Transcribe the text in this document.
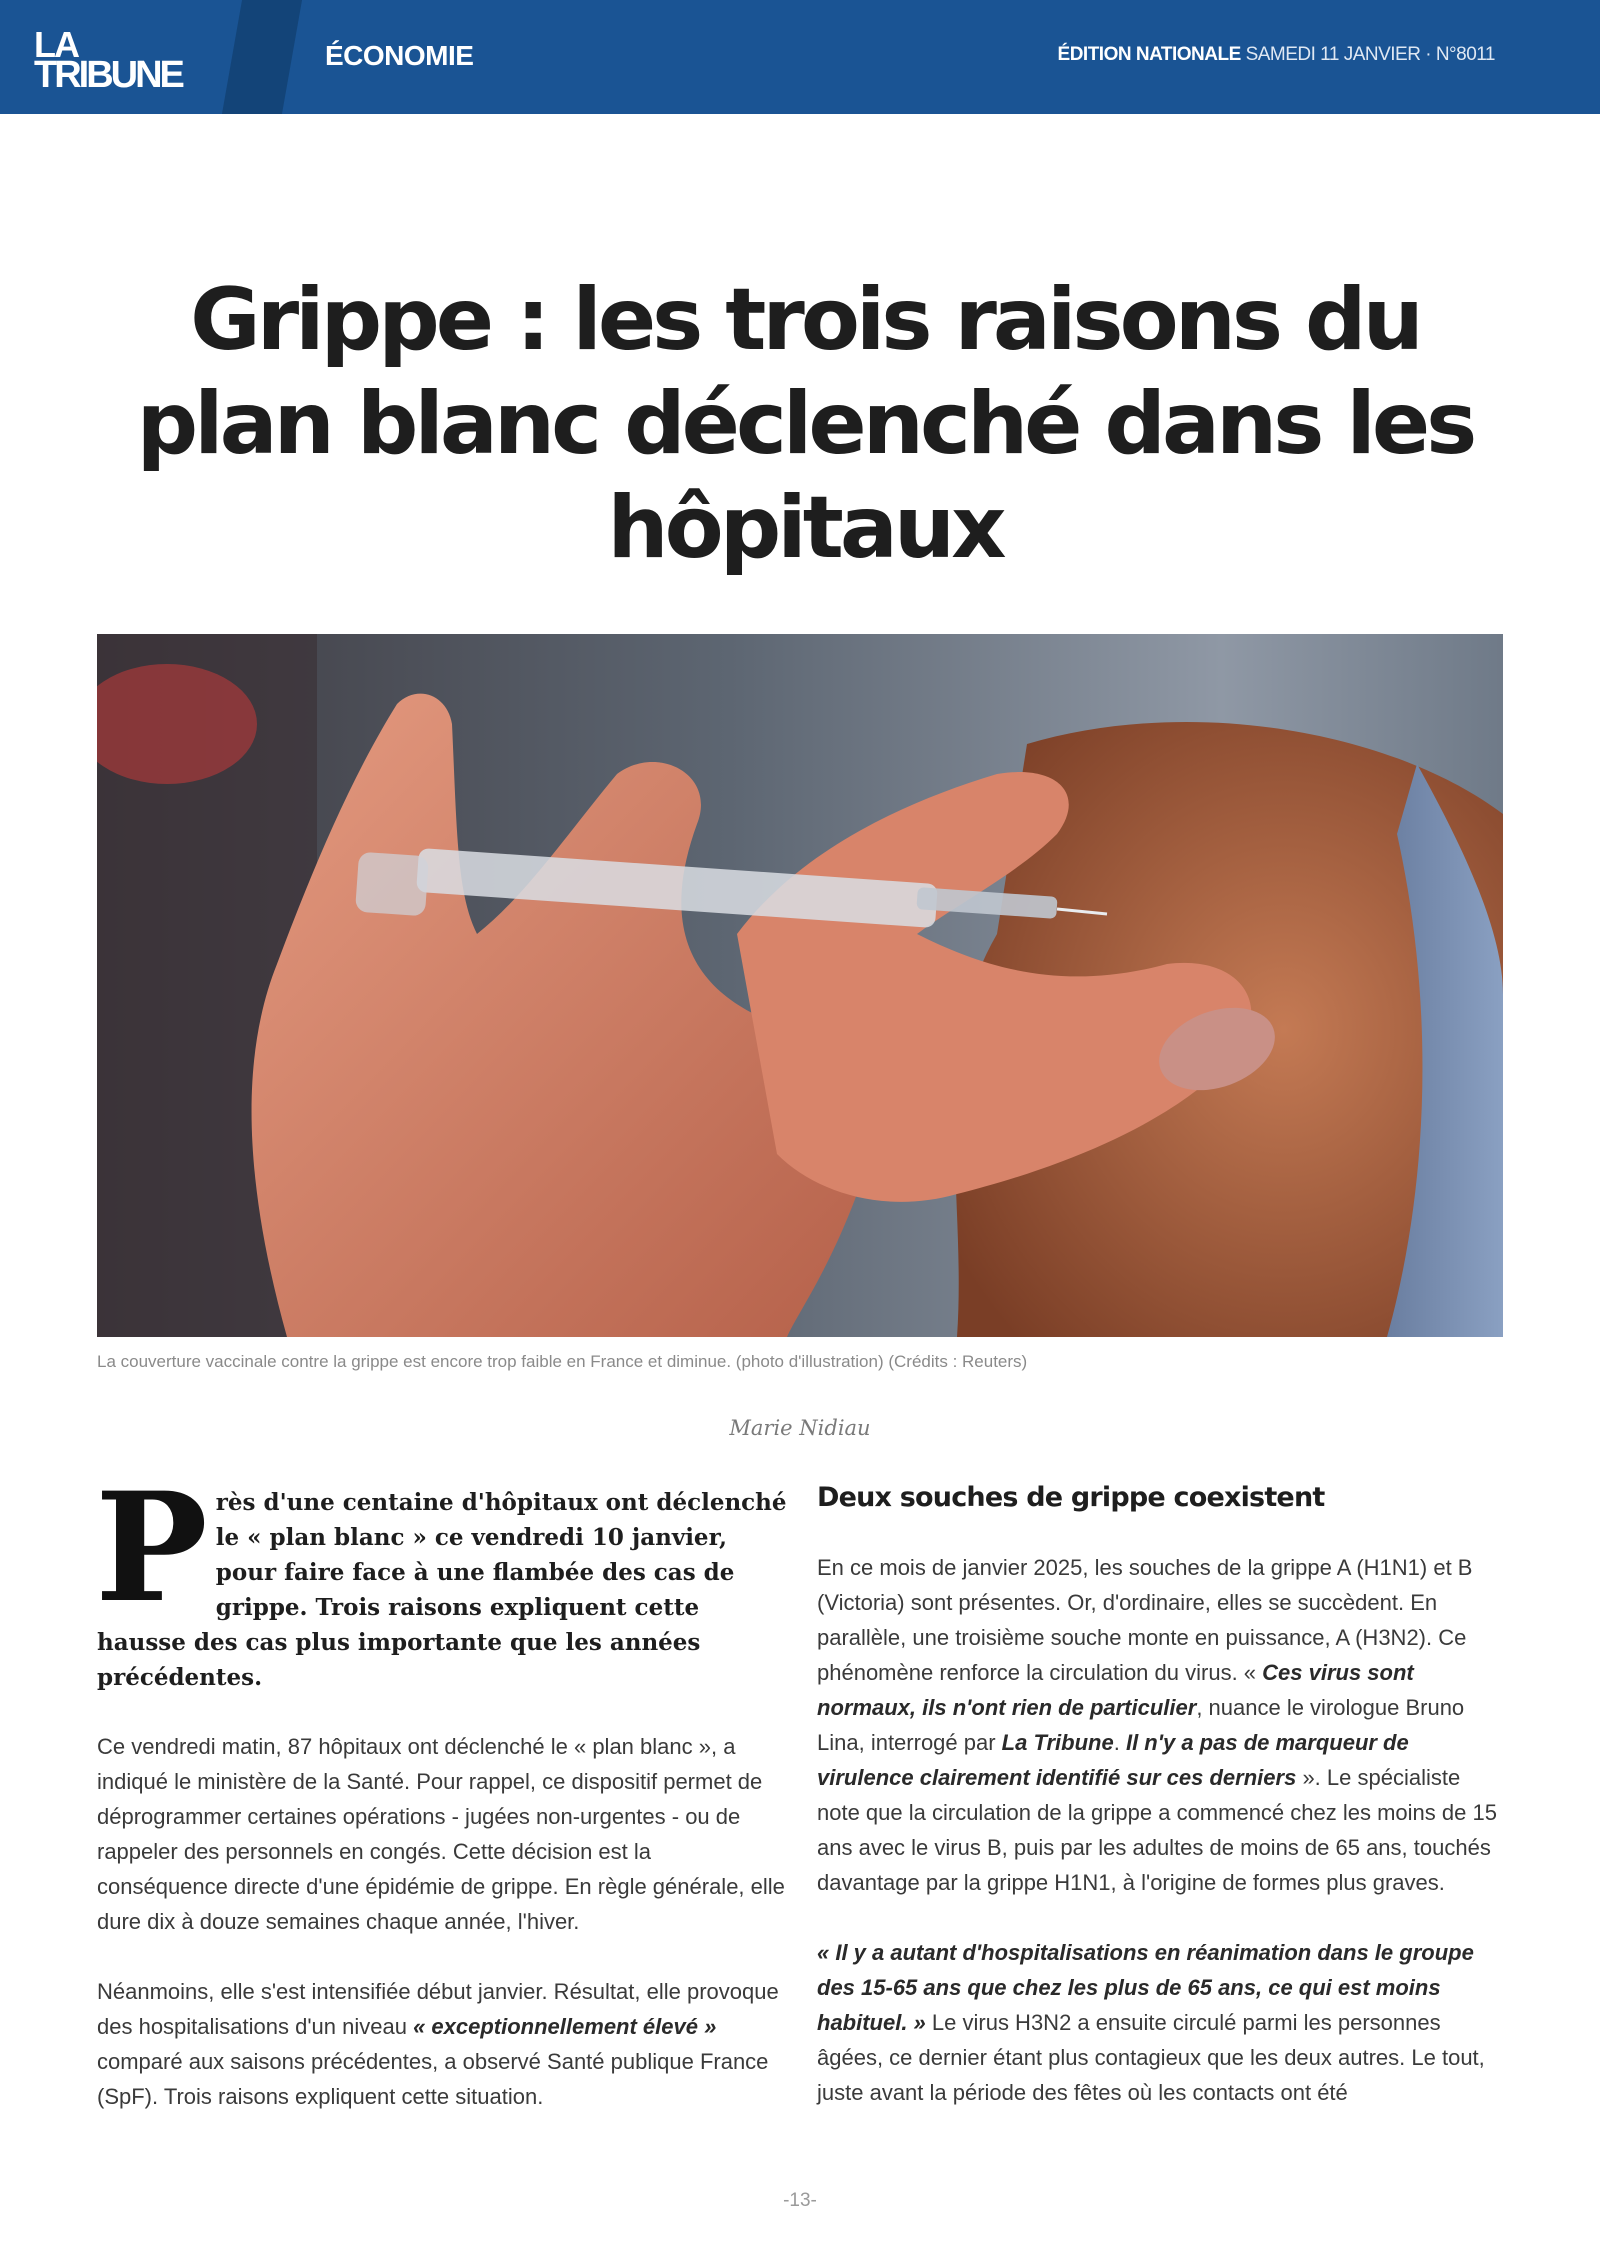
LA
TRIBUNE	ÉCONOMIE	ÉDITION NATIONALE SAMEDI 11 JANVIER · N°8011
Grippe : les trois raisons du plan blanc déclenché dans les hôpitaux
La couverture vaccinale contre la grippe est encore trop faible en France et diminue. (photo d'illustration) (Crédits : Reuters)
Marie Nidiau

Près d'une centaine d'hôpitaux ont déclenché le « plan blanc » ce vendredi 10 janvier, pour faire face à une flambée des cas de grippe. Trois raisons expliquent cette hausse des cas plus importante que les années précédentes.

Ce vendredi matin, 87 hôpitaux ont déclenché le « plan blanc », a indiqué le ministère de la Santé. Pour rappel, ce dispositif permet de déprogrammer certaines opérations - jugées non-urgentes - ou de rappeler des personnels en congés. Cette décision est la conséquence directe d'une épidémie de grippe. En règle générale, elle dure dix à douze semaines chaque année, l'hiver.

Néanmoins, elle s'est intensifiée début janvier. Résultat, elle provoque des hospitalisations d'un niveau « exceptionnellement élevé » comparé aux saisons précédentes, a observé Santé publique France (SpF). Trois raisons expliquent cette situation.

Deux souches de grippe coexistent

En ce mois de janvier 2025, les souches de la grippe A (H1N1) et B (Victoria) sont présentes. Or, d'ordinaire, elles se succèdent. En parallèle, une troisième souche monte en puissance, A (H3N2). Ce phénomène renforce la circulation du virus. « Ces virus sont normaux, ils n'ont rien de particulier, nuance le virologue Bruno Lina, interrogé par La Tribune. Il n'y a pas de marqueur de virulence clairement identifié sur ces derniers ». Le spécialiste note que la circulation de la grippe a commencé chez les moins de 15 ans avec le virus B, puis par les adultes de moins de 65 ans, touchés davantage par la grippe H1N1, à l'origine de formes plus graves.

« Il y a autant d'hospitalisations en réanimation dans le groupe des 15-65 ans que chez les plus de 65 ans, ce qui est moins habituel. » Le virus H3N2 a ensuite circulé parmi les personnes âgées, ce dernier étant plus contagieux que les deux autres. Le tout, juste avant la période des fêtes où les contacts ont été

-13-
